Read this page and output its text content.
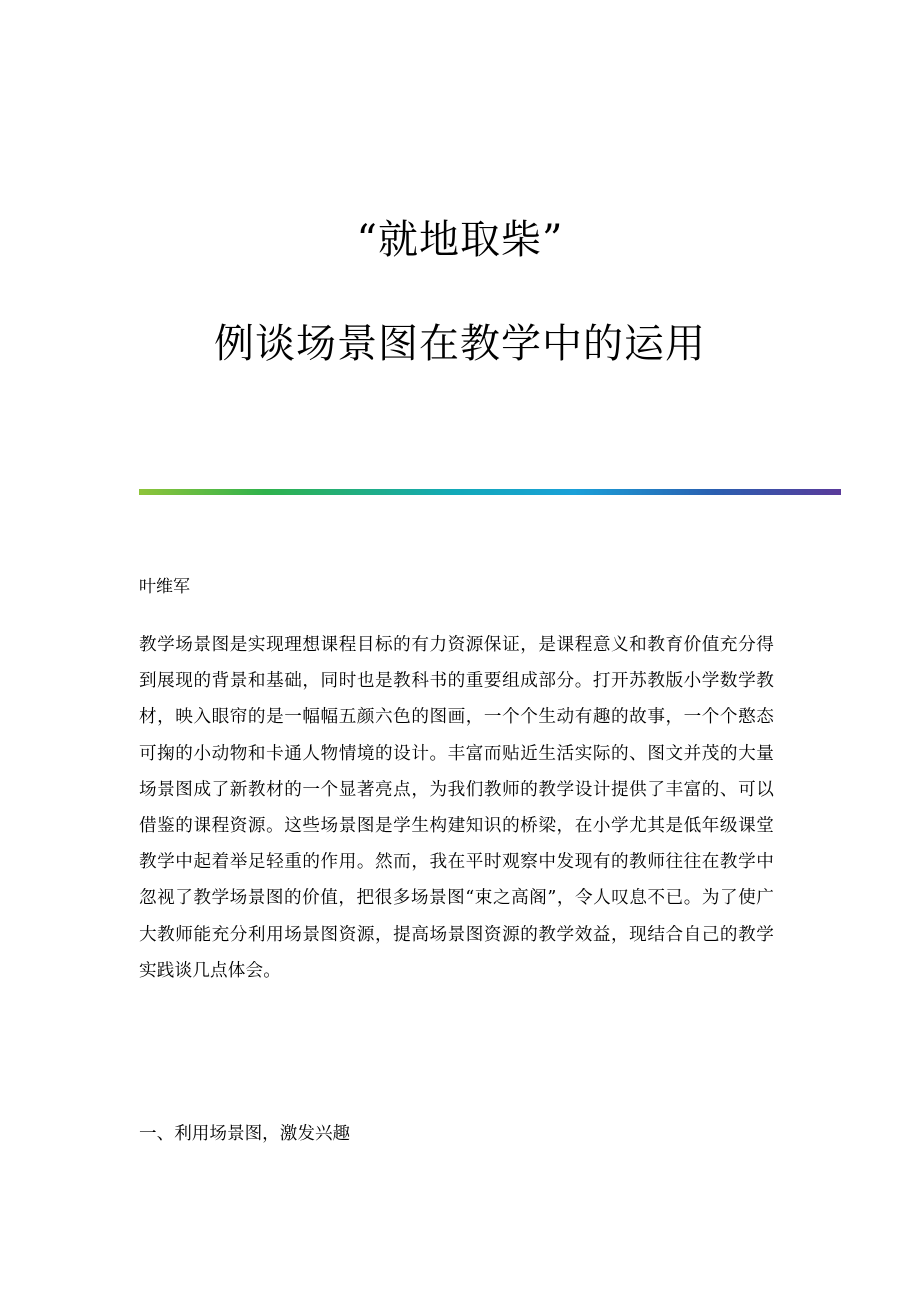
“就地取柴”
例谈场景图在教学中的运用

叶维军

教学场景图是实现理想课程目标的有力资源保证，是课程意义和教育价值充分得到展现的背景和基础，同时也是教科书的重要组成部分。打开苏教版小学数学教材，映入眼帘的是一幅幅五颜六色的图画，一个个生动有趣的故事，一个个憨态可掬的小动物和卡通人物情境的设计。丰富而贴近生活实际的、图文并茂的大量场景图成了新教材的一个显著亮点，为我们教师的教学设计提供了丰富的、可以借鉴的课程资源。这些场景图是学生构建知识的桥梁，在小学尤其是低年级课堂教学中起着举足轻重的作用。然而，我在平时观察中发现有的教师往往在教学中忽视了教学场景图的价值，把很多场景图“束之高阁”，令人叹息不已。为了使广大教师能充分利用场景图资源，提高场景图资源的教学效益，现结合自己的教学实践谈几点体会。

一、利用场景图，激发兴趣
